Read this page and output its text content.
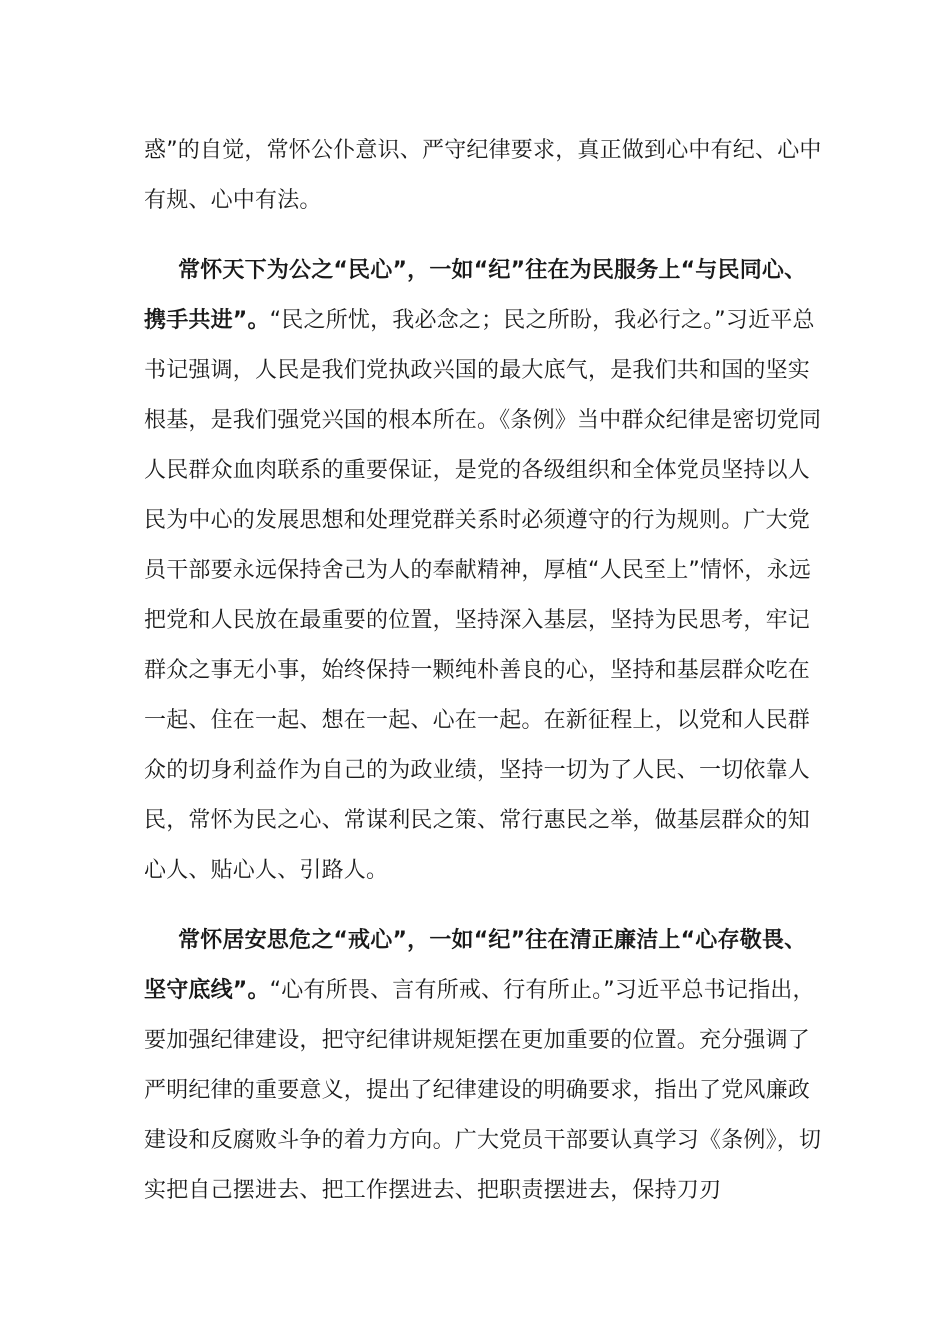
惑”的自觉，常怀公仆意识、严守纪律要求，真正做到心中有纪、心中有规、心中有法。

常怀天下为公之“民心”，一如“纪”往在为民服务上“与民同心、携手共进”。“民之所忧，我必念之；民之所盼，我必行之。”习近平总书记强调，人民是我们党执政兴国的最大底气，是我们共和国的坚实根基，是我们强党兴国的根本所在。《条例》当中群众纪律是密切党同人民群众血肉联系的重要保证，是党的各级组织和全体党员坚持以人民为中心的发展思想和处理党群关系时必须遵守的行为规则。广大党员干部要永远保持舍己为人的奉献精神，厚植“人民至上”情怀，永远把党和人民放在最重要的位置，坚持深入基层，坚持为民思考，牢记群众之事无小事，始终保持一颗纯朴善良的心，坚持和基层群众吃在一起、住在一起、想在一起、心在一起。在新征程上，以党和人民群众的切身利益作为自己的为政业绩，坚持一切为了人民、一切依靠人民，常怀为民之心、常谋利民之策、常行惠民之举，做基层群众的知心人、贴心人、引路人。

常怀居安思危之“戒心”，一如“纪”往在清正廉洁上“心存敬畏、坚守底线”。“心有所畏、言有所戒、行有所止。”习近平总书记指出，要加强纪律建设，把守纪律讲规矩摆在更加重要的位置。充分强调了严明纪律的重要意义，提出了纪律建设的明确要求，指出了党风廉政建设和反腐败斗争的着力方向。广大党员干部要认真学习《条例》，切实把自己摆进去、把工作摆进去、把职责摆进去，保持刀刃
